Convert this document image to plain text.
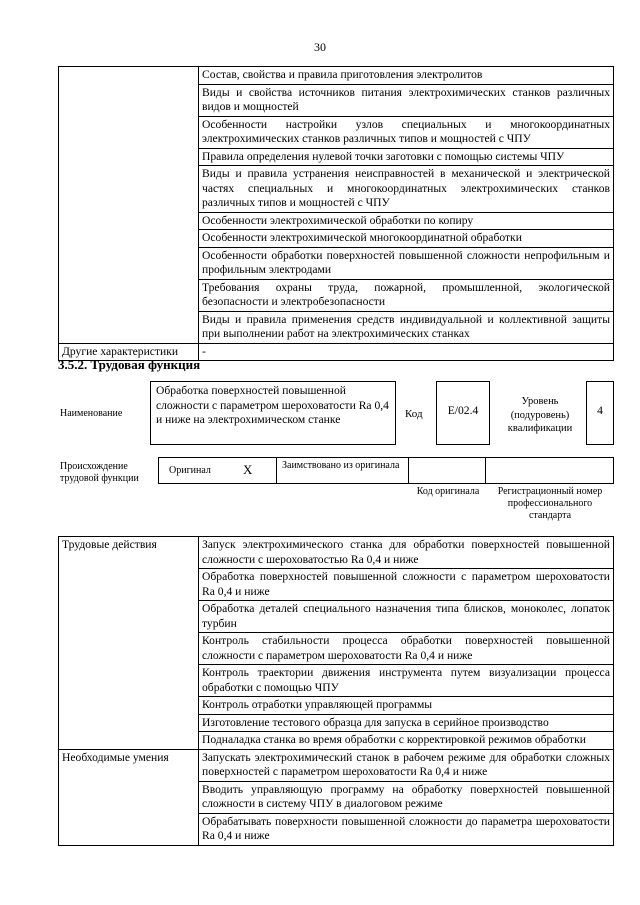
30
	Состав, свойства и правила приготовления электролитов
	Виды и свойства источников питания электрохимических станков различных видов и мощностей
	Особенности настройки узлов специальных и многокоординатных электрохимических станков различных типов и мощностей с ЧПУ
	Правила определения нулевой точки заготовки с помощью системы ЧПУ
	Виды и правила устранения неисправностей в механической и электрической частях специальных и многокоординатных электрохимических станков различных типов и мощностей с ЧПУ
	Особенности электрохимической обработки по копиру
	Особенности электрохимической многокоординатной обработки
	Особенности обработки поверхностей повышенной сложности непрофильным и профильным электродами
	Требования охраны труда, пожарной, промышленной, экологической безопасности и электробезопасности
	Виды и правила применения средств индивидуальной и коллективной защиты при выполнении работ на электрохимических станках
Другие характеристики	-
3.5.2. Трудовая функция
Наименование
Обработка поверхностей повышенной сложности с параметром шероховатости Ra 0,4 и ниже на электрохимическом станке	Код	E/02.4
Уровень (подуровень) квалификации
4
Происхождение трудовой функции
Оригинал X	Заимствовано из оригинала
Код оригинала	Регистрационный номер профессионального стандарта
Трудовые действия	Запуск электрохимического станка для обработки поверхностей повышенной сложности с шероховатостью Ra 0,4 и ниже
	Обработка поверхностей повышенной сложности с параметром шероховатости Ra 0,4 и ниже
	Обработка деталей специального назначения типа блисков, моноколес, лопаток турбин
	Контроль стабильности процесса обработки поверхностей повышенной сложности с параметром шероховатости Ra 0,4 и ниже
	Контроль траектории движения инструмента путем визуализации процесса обработки с помощью ЧПУ
	Контроль отработки управляющей программы
	Изготовление тестового образца для запуска в серийное производство
	Подналадка станка во время обработки с корректировкой режимов обработки
Необходимые умения	Запускать электрохимический станок в рабочем режиме для обработки сложных поверхностей с параметром шероховатости Ra 0,4 и ниже
	Вводить управляющую программу на обработку поверхностей повышенной сложности в систему ЧПУ в диалоговом режиме
	Обрабатывать поверхности повышенной сложности до параметра шероховатости Ra 0,4 и ниже
